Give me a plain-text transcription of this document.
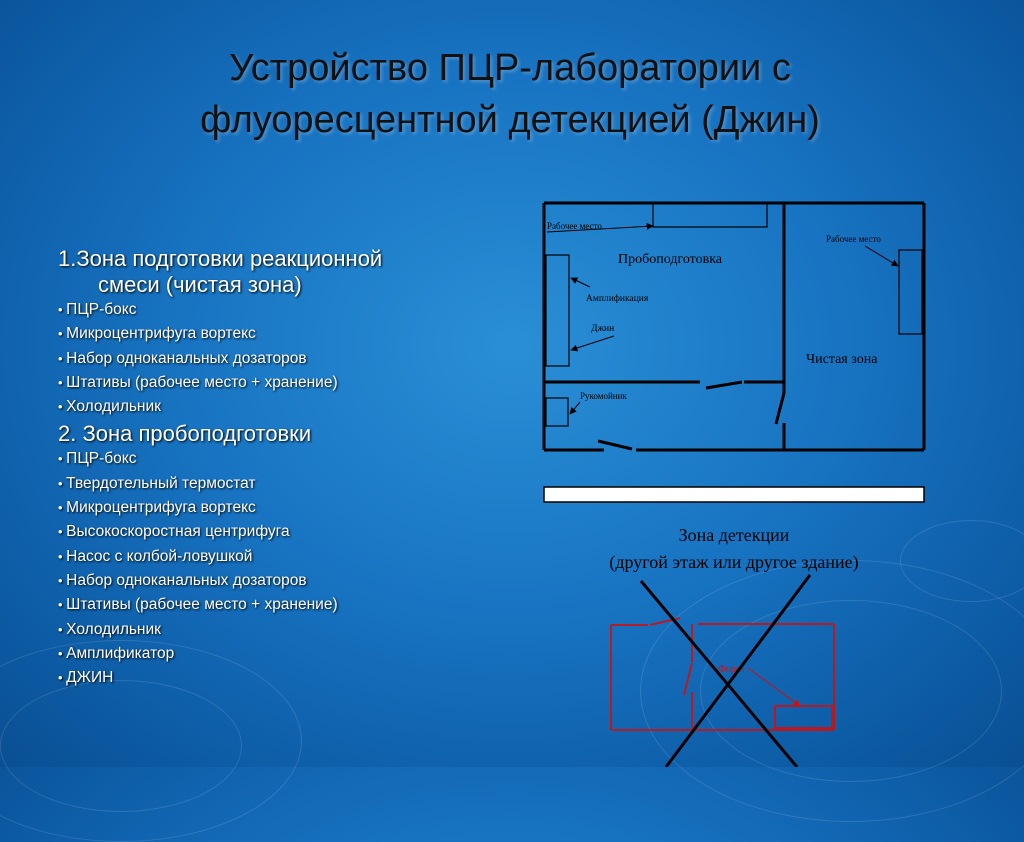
Устройство ПЦР-лаборатории с
флуоресцентной детекцией (Джин)
1.Зона подготовки реакционной
смеси (чистая зона)
• ПЦР-бокс
• Микроцентрифуга вортекс
• Набор одноканальных дозаторов
• Штативы (рабочее место + хранение)
• Холодильник
2. Зона пробоподготовки
• ПЦР-бокс
• Твердотельный термостат
• Микроцентрифуга вортекс
• Высокоскоростная центрифуга
• Насос с колбой-ловушкой
• Набор одноканальных дозаторов
• Штативы (рабочее место + хранение)
• Холодильник
• Амплификатор
• ДЖИН
Рабочее место
Пробоподготовка
Амплификация
Джин
Рабочее место
Чистая зона
Рукомойник
Зона детекции
(другой этаж или другое здание)
Форез
